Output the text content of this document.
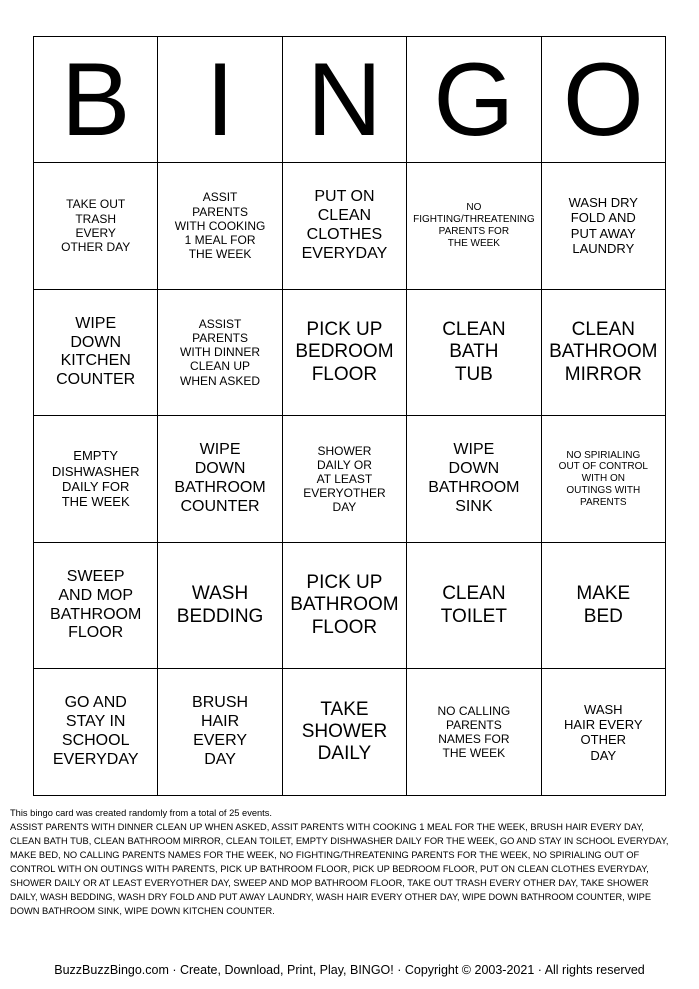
B I N G O
TAKE OUT
TRASH
EVERY
OTHER DAY
ASSIT
PARENTS
WITH COOKING
1 MEAL FOR
THE WEEK
PUT ON
CLEAN
CLOTHES
EVERYDAY
NO
FIGHTING/THREATENING
PARENTS FOR
THE WEEK
WASH DRY
FOLD AND
PUT AWAY
LAUNDRY
WIPE
DOWN
KITCHEN
COUNTER
ASSIST
PARENTS
WITH DINNER
CLEAN UP
WHEN ASKED
PICK UP
BEDROOM
FLOOR
CLEAN
BATH
TUB
CLEAN
BATHROOM
MIRROR
EMPTY
DISHWASHER
DAILY FOR
THE WEEK
WIPE
DOWN
BATHROOM
COUNTER
SHOWER
DAILY OR
AT LEAST
EVERYOTHER
DAY
WIPE
DOWN
BATHROOM
SINK
NO SPIRIALING
OUT OF CONTROL
WITH ON
OUTINGS WITH
PARENTS
SWEEP
AND MOP
BATHROOM
FLOOR
WASH
BEDDING
PICK UP
BATHROOM
FLOOR
CLEAN
TOILET
MAKE
BED
GO AND
STAY IN
SCHOOL
EVERYDAY
BRUSH
HAIR
EVERY
DAY
TAKE
SHOWER
DAILY
NO CALLING
PARENTS
NAMES FOR
THE WEEK
WASH
HAIR EVERY
OTHER
DAY
This bingo card was created randomly from a total of 25 events.
ASSIST PARENTS WITH DINNER CLEAN UP WHEN ASKED, ASSIT PARENTS WITH COOKING 1 MEAL FOR THE WEEK, BRUSH HAIR EVERY DAY,
CLEAN BATH TUB, CLEAN BATHROOM MIRROR, CLEAN TOILET, EMPTY DISHWASHER DAILY FOR THE WEEK, GO AND STAY IN SCHOOL EVERYDAY,
MAKE BED, NO CALLING PARENTS NAMES FOR THE WEEK, NO FIGHTING/THREATENING PARENTS FOR THE WEEK, NO SPIRIALING OUT OF
CONTROL WITH ON OUTINGS WITH PARENTS, PICK UP BATHROOM FLOOR, PICK UP BEDROOM FLOOR, PUT ON CLEAN CLOTHES EVERYDAY,
SHOWER DAILY OR AT LEAST EVERYOTHER DAY, SWEEP AND MOP BATHROOM FLOOR, TAKE OUT TRASH EVERY OTHER DAY, TAKE SHOWER
DAILY, WASH BEDDING, WASH DRY FOLD AND PUT AWAY LAUNDRY, WASH HAIR EVERY OTHER DAY, WIPE DOWN BATHROOM COUNTER, WIPE
DOWN BATHROOM SINK, WIPE DOWN KITCHEN COUNTER.
BuzzBuzzBingo.com · Create, Download, Print, Play, BINGO! · Copyright © 2003-2021 · All rights reserved
